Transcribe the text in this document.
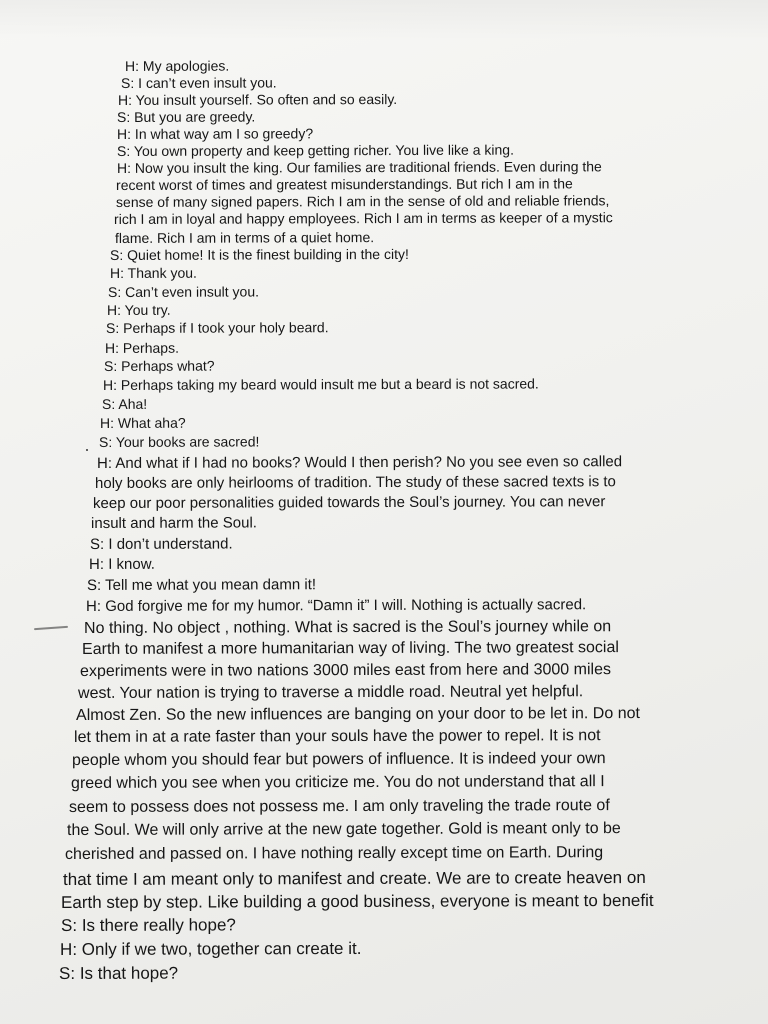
H: My apologies.
S: I can’t even insult you.
H: You insult yourself. So often and so easily.
S: But you are greedy.
H: In what way am I so greedy?
S: You own property and keep getting richer. You live like a king.
H: Now you insult the king. Our families are traditional friends. Even during the
recent worst of times and greatest misunderstandings. But rich I am in the
sense of many signed papers. Rich I am in the sense of old and reliable friends,
rich I am in loyal and happy employees. Rich I am in terms as keeper of a mystic
flame. Rich I am in terms of a quiet home.
S: Quiet home! It is the finest building in the city!
H: Thank you.
S: Can’t even insult you.
H: You try.
S: Perhaps if I took your holy beard.
H: Perhaps.
S: Perhaps what?
H: Perhaps taking my beard would insult me but a beard is not sacred.
S: Aha!
H: What aha?
S: Your books are sacred!
H: And what if I had no books? Would I then perish? No you see even so called
holy books are only heirlooms of tradition. The study of these sacred texts is to
keep our poor personalities guided towards the Soul’s journey. You can never
insult and harm the Soul.
S: I don’t understand.
H: I know.
S: Tell me what you mean damn it!
H: God forgive me for my humor. “Damn it” I will. Nothing is actually sacred.
No thing. No object , nothing. What is sacred is the Soul’s journey while on
Earth to manifest a more humanitarian way of living. The two greatest social
experiments were in two nations 3000 miles east from here and 3000 miles
west. Your nation is trying to traverse a middle road. Neutral yet helpful.
Almost Zen. So the new influences are banging on your door to be let in. Do not
let them in at a rate faster than your souls have the power to repel. It is not
people whom you should fear but powers of influence. It is indeed your own
greed which you see when you criticize me. You do not understand that all I
seem to possess does not possess me. I am only traveling the trade route of
the Soul. We will only arrive at the new gate together. Gold is meant only to be
cherished and passed on. I have nothing really except time on Earth. During
that time I am meant only to manifest and create. We are to create heaven on
Earth step by step. Like building a good business, everyone is meant to benefit
S: Is there really hope?
H: Only if we two, together can create it.
S: Is that hope?
